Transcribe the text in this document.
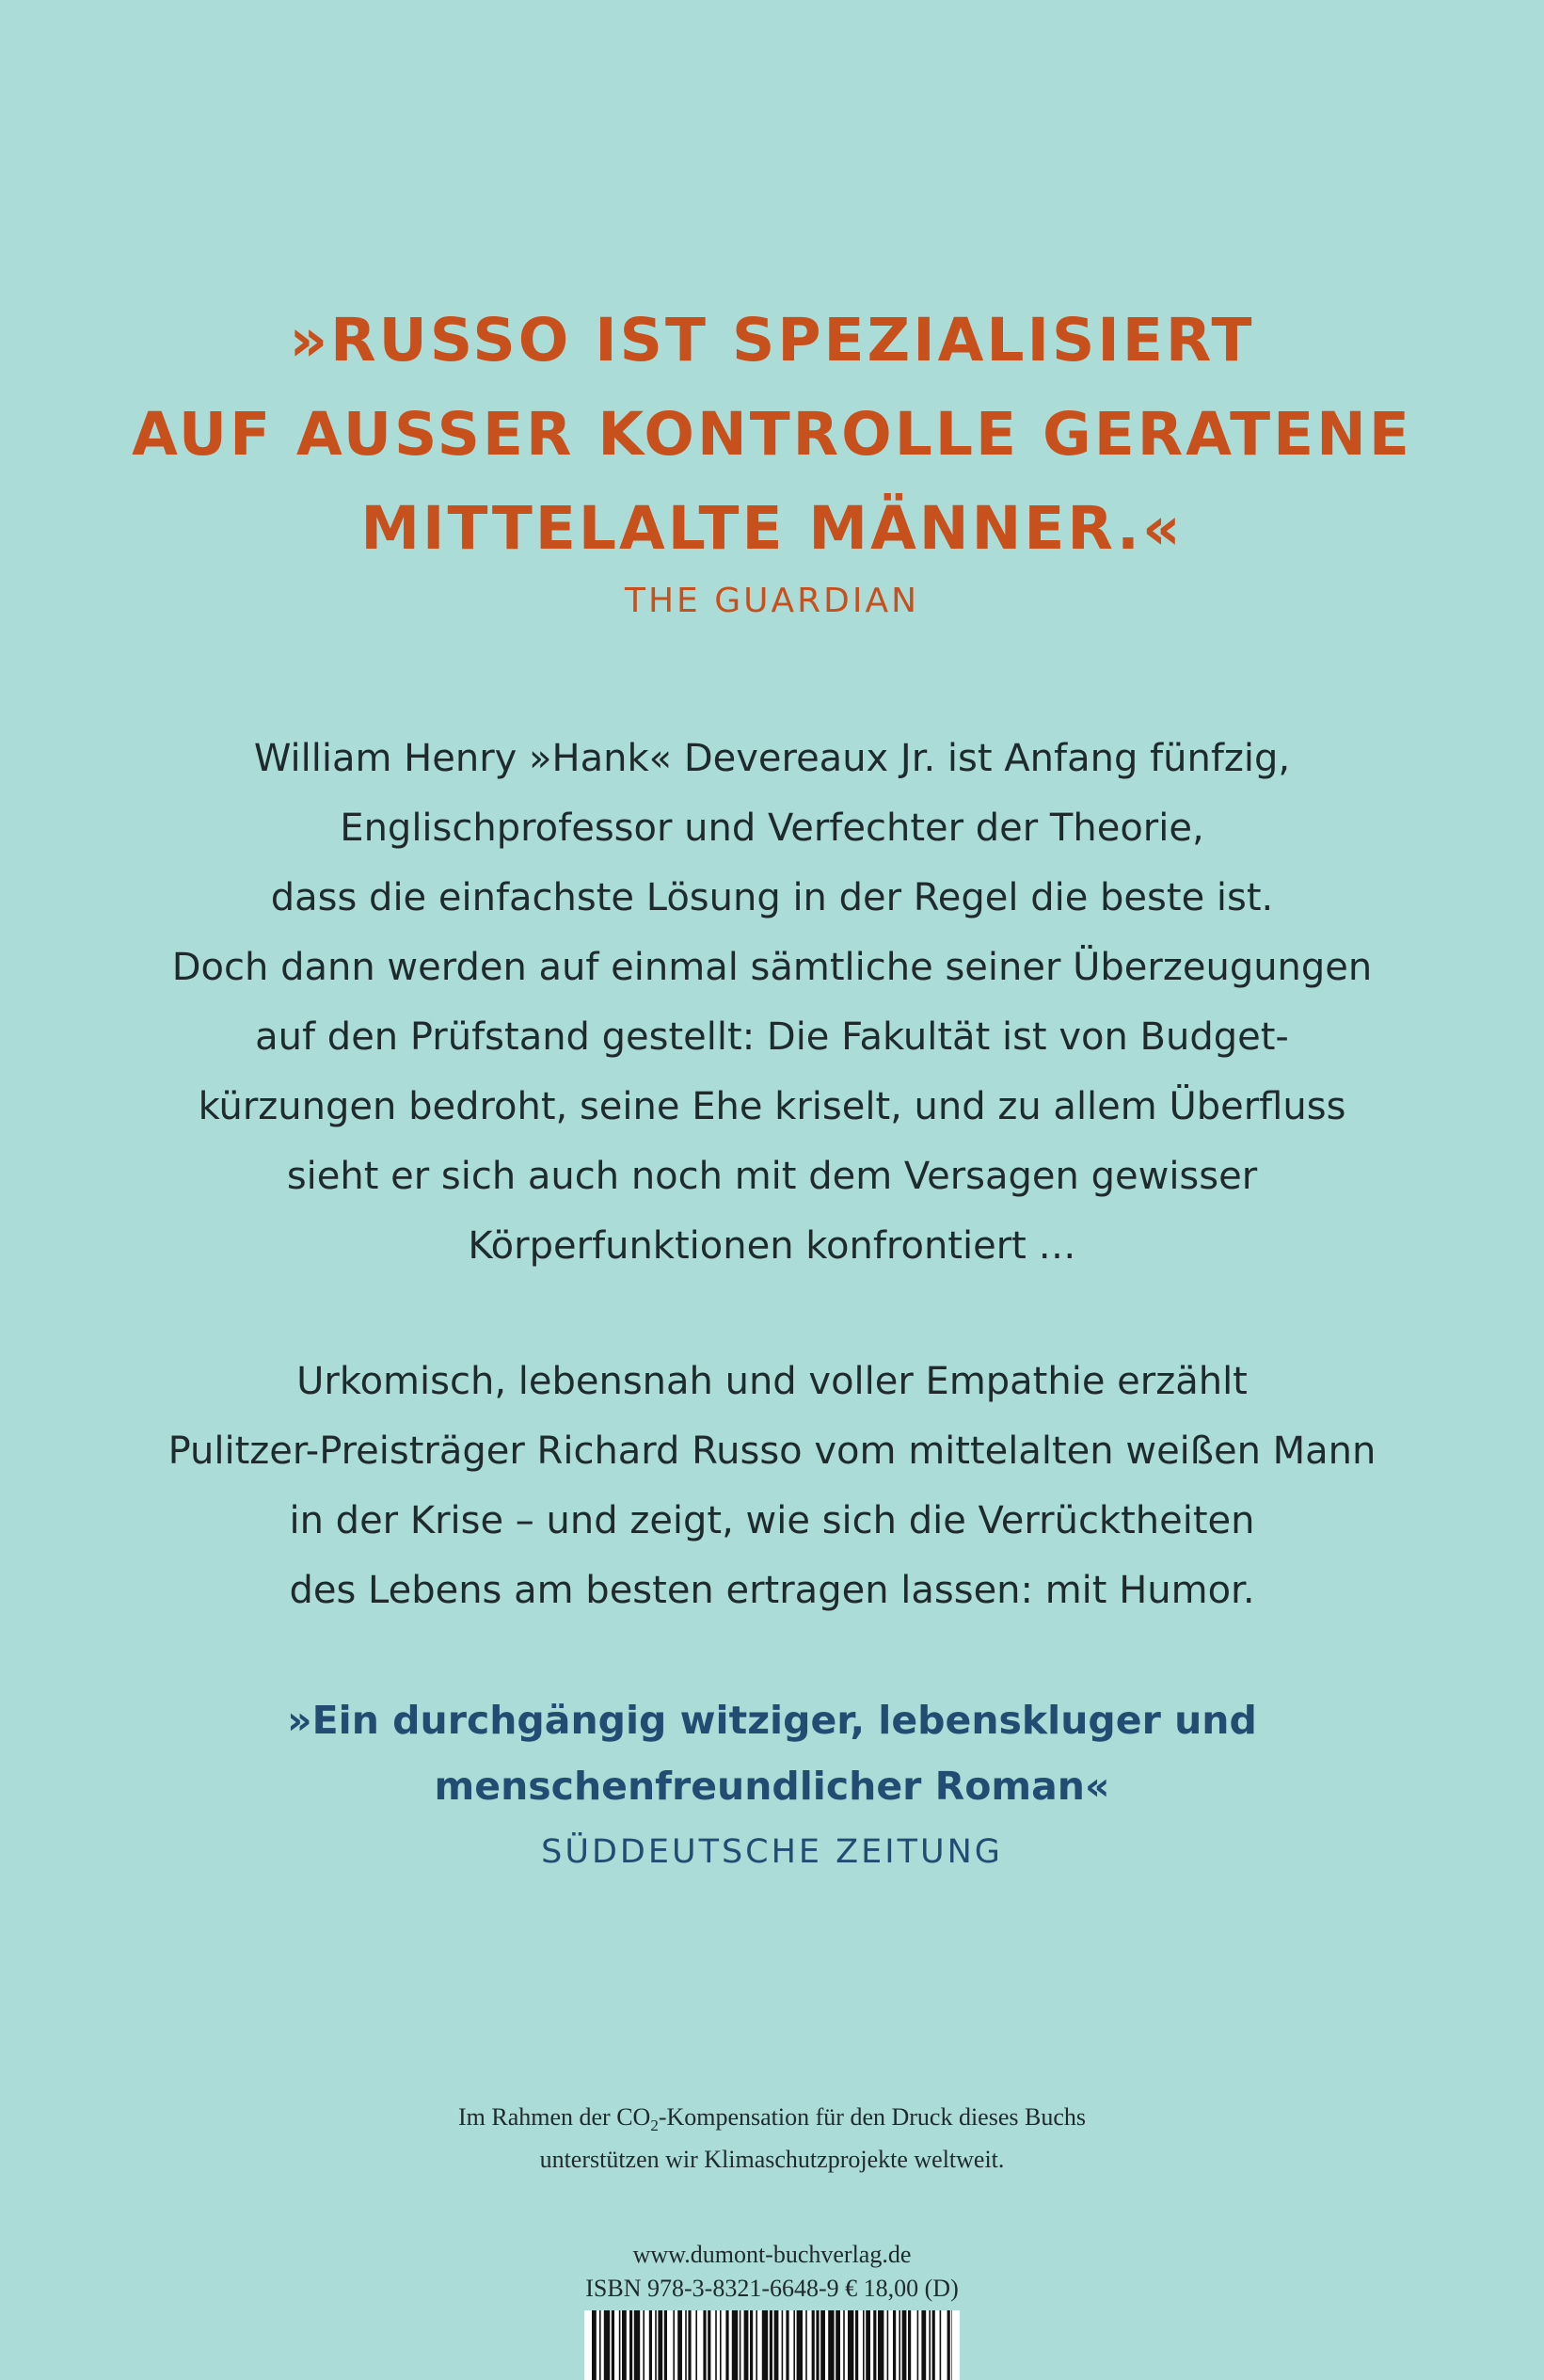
»RUSSO IST SPEZIALISIERT
AUF AUSSER KONTROLLE GERATENE
MITTELALTE MÄNNER.«
THE GUARDIAN
William Henry »Hank« Devereaux Jr. ist Anfang fünfzig,
Englischprofessor und Verfechter der Theorie,
dass die einfachste Lösung in der Regel die beste ist.
Doch dann werden auf einmal sämtliche seiner Überzeugungen
auf den Prüfstand gestellt: Die Fakultät ist von Budget-
kürzungen bedroht, seine Ehe kriselt, und zu allem Überfluss
sieht er sich auch noch mit dem Versagen gewisser
Körperfunktionen konfrontiert …
Urkomisch, lebensnah und voller Empathie erzählt
Pulitzer-Preisträger Richard Russo vom mittelalten weißen Mann
in der Krise – und zeigt, wie sich die Verrücktheiten
des Lebens am besten ertragen lassen: mit Humor.
»Ein durchgängig witziger, lebenskluger und
menschenfreundlicher Roman«
SÜDDEUTSCHE ZEITUNG
Im Rahmen der $CO_2$-Kompensation für den Druck dieses Buchs
unterstützen wir Klimaschutzprojekte weltweit.
www.dumont-buchverlag.de
ISBN 978-3-8321-6648-9 € 18,00 (D)
